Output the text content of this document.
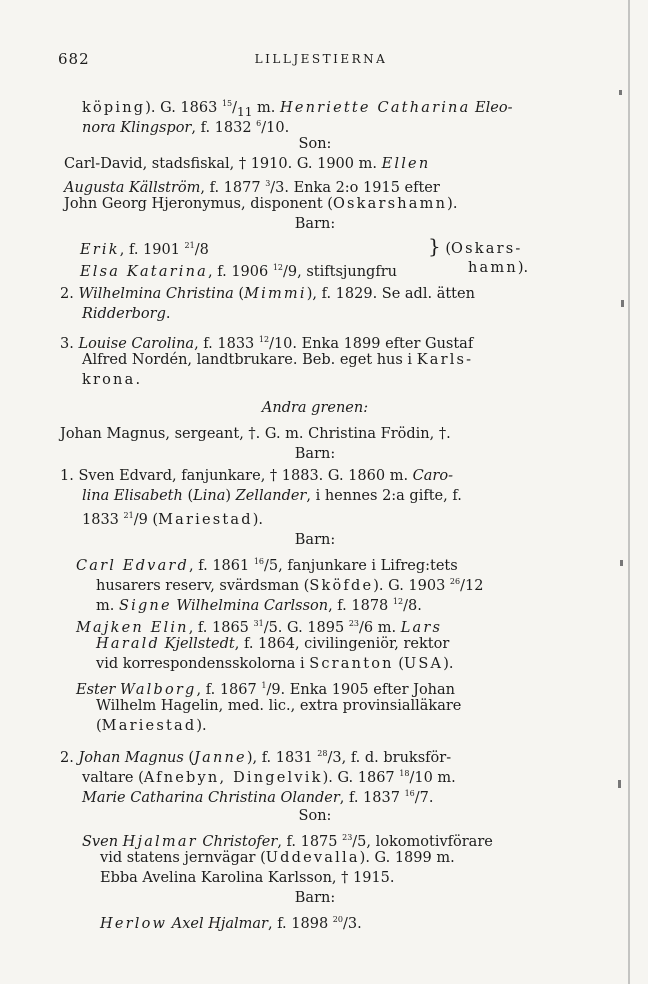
682	LILLJESTIERNA
köping). G. 1863 $^{15}/_{11}$ m. Henriette Catharina Eleo-
nora Klingspor, f. 1832 $^6$/10.
Son:
Carl-David, stadsfiskal, † 1910. G. 1900 m. Ellen
Augusta Källström, f. 1877 $^3$/3. Enka 2:o 1915 efter
John Georg Hjeronymus, disponent (Oskarshamn).
Barn:
Erik, f. 1901 $^{21}$/8	} (Oskars-
Elsa Katarina, f. 1906 $^{12}$/9, stiftsjungfru	hamn).
2. Wilhelmina Christina (Mimmi), f. 1829. Se adl. ätten
Ridderborg.
3. Louise Carolina, f. 1833 $^{12}$/10. Enka 1899 efter Gustaf
Alfred Nordén, landtbrukare. Beb. eget hus i Karls-
krona.
Andra grenen:
Johan Magnus, sergeant, †. G. m. Christina Frödin, †.
Barn:
1. Sven Edvard, fanjunkare, † 1883. G. 1860 m. Caro-
lina Elisabeth (Lina) Zellander, i hennes 2:a gifte, f.
1833 $^{21}$/9 (Mariestad).
Barn:
Carl Edvard, f. 1861 $^{16}$/5, fanjunkare i Lifreg:tets
husarers reserv, svärdsman (Sköfde). G. 1903 $^{26}$/12
m. Signe Wilhelmina Carlsson, f. 1878 $^{12}$/8.
Majken Elin, f. 1865 $^{31}$/5. G. 1895 $^{23}$/6 m. Lars
Harald Kjellstedt, f. 1864, civilingeniör, rektor
vid korrespondensskolorna i Scranton (USA).
Ester Walborg, f. 1867 $^1$/9. Enka 1905 efter Johan
Wilhelm Hagelin, med. lic., extra provinsialläkare
(Mariestad).
2. Johan Magnus (Janne), f. 1831 $^{28}$/3, f. d. bruksför-
valtare (Afnebyn, Dingelvik). G. 1867 $^{18}$/10 m.
Marie Catharina Christina Olander, f. 1837 $^{16}$/7.
Son:
Sven Hjalmar Christofer, f. 1875 $^{23}$/5, lokomotivförare
vid statens jernvägar (Uddevalla). G. 1899 m.
Ebba Avelina Karolina Karlsson, † 1915.
Barn:
Herlow Axel Hjalmar, f. 1898 $^{20}$/3.
